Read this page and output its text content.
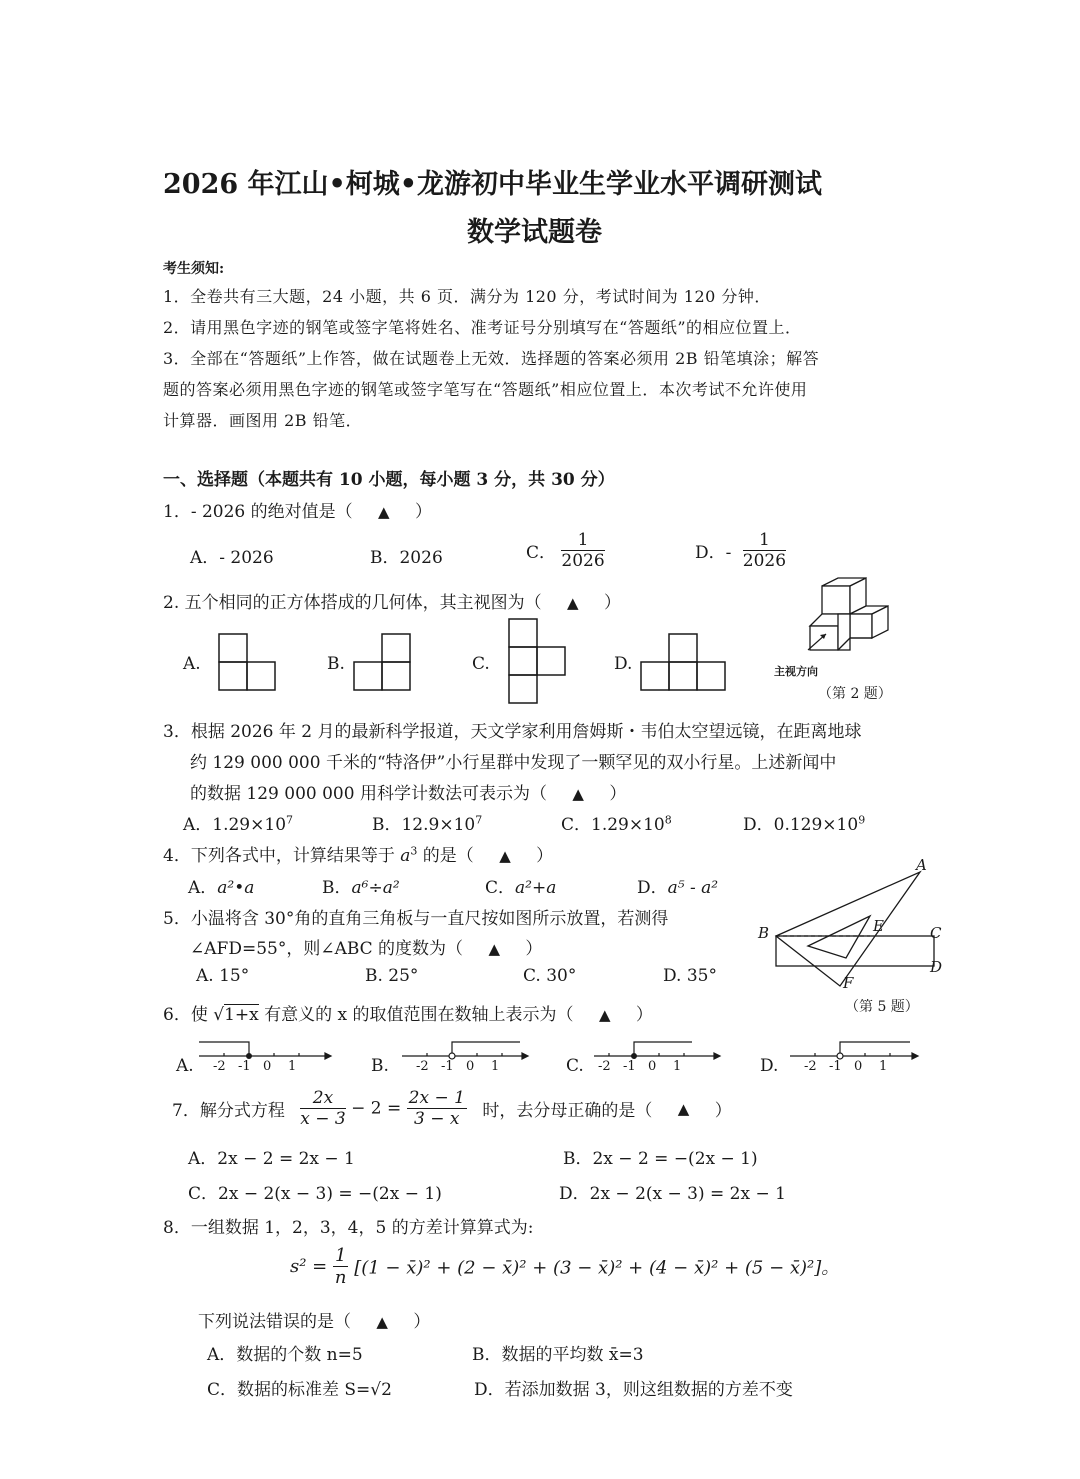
2026 年江山•柯城•龙游初中毕业生学业水平调研测试
数学试题卷
考生须知:
1．全卷共有三大题，24 小题，共 6 页．满分为 120 分，考试时间为 120 分钟．
2．请用黑色字迹的钢笔或签字笔将姓名、准考证号分别填写在“答题纸”的相应位置上．
3．全部在“答题纸”上作答，做在试题卷上无效．选择题的答案必须用 2B 铅笔填涂；解答
题的答案必须用黑色字迹的钢笔或签字笔写在“答题纸”相应位置上．本次考试不允许使用
计算器．画图用 2B 铅笔．
一、选择题（本题共有 10 小题，每小题 3 分，共 30 分）
1．- 2026 的绝对值是（ ▲ ）
A．- 2026	B．2026	C． $\frac{1}{2026}$	D．- $\frac{1}{2026}$
2. 五个相同的正方体搭成的几何体，其主视图为（ ▲ ）
A.	B.	C.	D.	主视方向
（第 2 题）
3．根据 2026 年 2 月的最新科学报道，天文学家利用詹姆斯・韦伯太空望远镜，在距离地球
约 129 000 000 千米的“特洛伊”小行星群中发现了一颗罕见的双小行星。上述新闻中
的数据 129 000 000 用科学计数法可表示为（ ▲ ）
A．$1.29\times 10^7$	B．$12.9\times 10^7$	C．$1.29\times 10^8$	D．$0.129\times 10^9$
4．下列各式中，计算结果等于 $a^3$ 的是（ ▲ ）
A．a²•a	B．a⁶÷a²	C．a²+a	D．a⁵ - a²
5．小温将含 30°角的直角三角板与一直尺按如图所示放置，若测得
∠AFD=55°，则∠ABC 的度数为（ ▲ ）
A. 15°	B. 25°	C. 30°	D. 35°
A
B	E	C
D
F
（第 5 题）
6．使 √1+x 有意义的 x 的取值范围在数轴上表示为（ ▲ ）
A.	B.	C.	D.
-2 -1 0 1	-2 -1 0 1	-2 -1 0 1	-2 -1 0 1
7．解分式方程 $\frac{2x}{x - 3} - 2 = \frac{2x - 1}{3 - x}$ 时，去分母正确的是（ ▲ ）
A．2x − 2 = 2x − 1	B．2x − 2 = −(2x − 1)
C．2x − 2(x − 3) = −(2x − 1)	D．2x − 2(x − 3) = 2x − 1
8．一组数据 1，2，3，4，5 的方差计算算式为:
$s^2 = \frac{1}{n} [(1$ − x̄)² + (2 − x̄)² + (3 − x̄)² + (4 − x̄)² + (5 − x̄)²]。
下列说法错误的是（ ▲ ）
A．数据的个数 n=5	B．数据的平均数 x̄=3
C．数据的标准差 S=√2	D．若添加数据 3，则这组数据的方差不变
